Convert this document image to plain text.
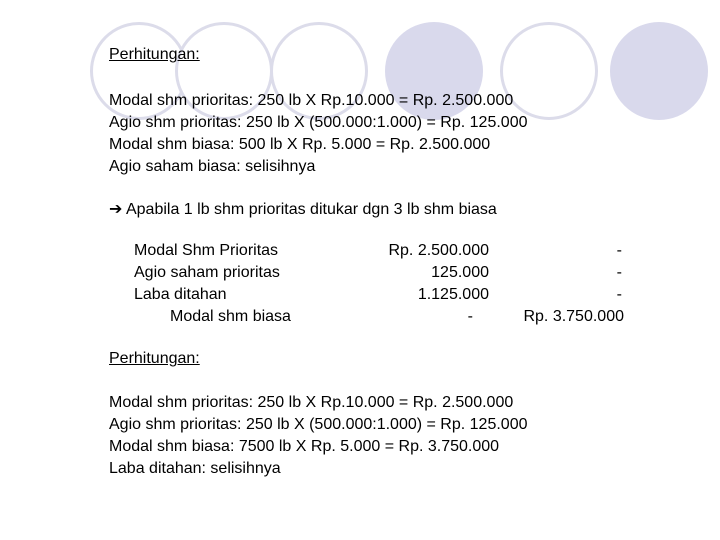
Perhitungan:
Modal shm prioritas: 250 lb X Rp.10.000 = Rp. 2.500.000
Agio shm prioritas: 250 lb X (500.000:1.000) = Rp. 125.000
Modal shm biasa: 500 lb X Rp. 5.000 = Rp. 2.500.000
Agio saham biasa: selisihnya
➔ Apabila 1 lb shm prioritas ditukar dgn 3 lb shm biasa
Modal Shm Prioritas	Rp. 2.500.000	-
Agio saham prioritas	125.000	-
Laba ditahan	1.125.000	-
Modal shm biasa	-	Rp. 3.750.000
Perhitungan:
Modal shm prioritas: 250 lb X Rp.10.000 = Rp. 2.500.000
Agio shm prioritas: 250 lb X (500.000:1.000) = Rp. 125.000
Modal shm biasa: 7500 lb X Rp. 5.000 = Rp. 3.750.000
Laba ditahan: selisihnya
